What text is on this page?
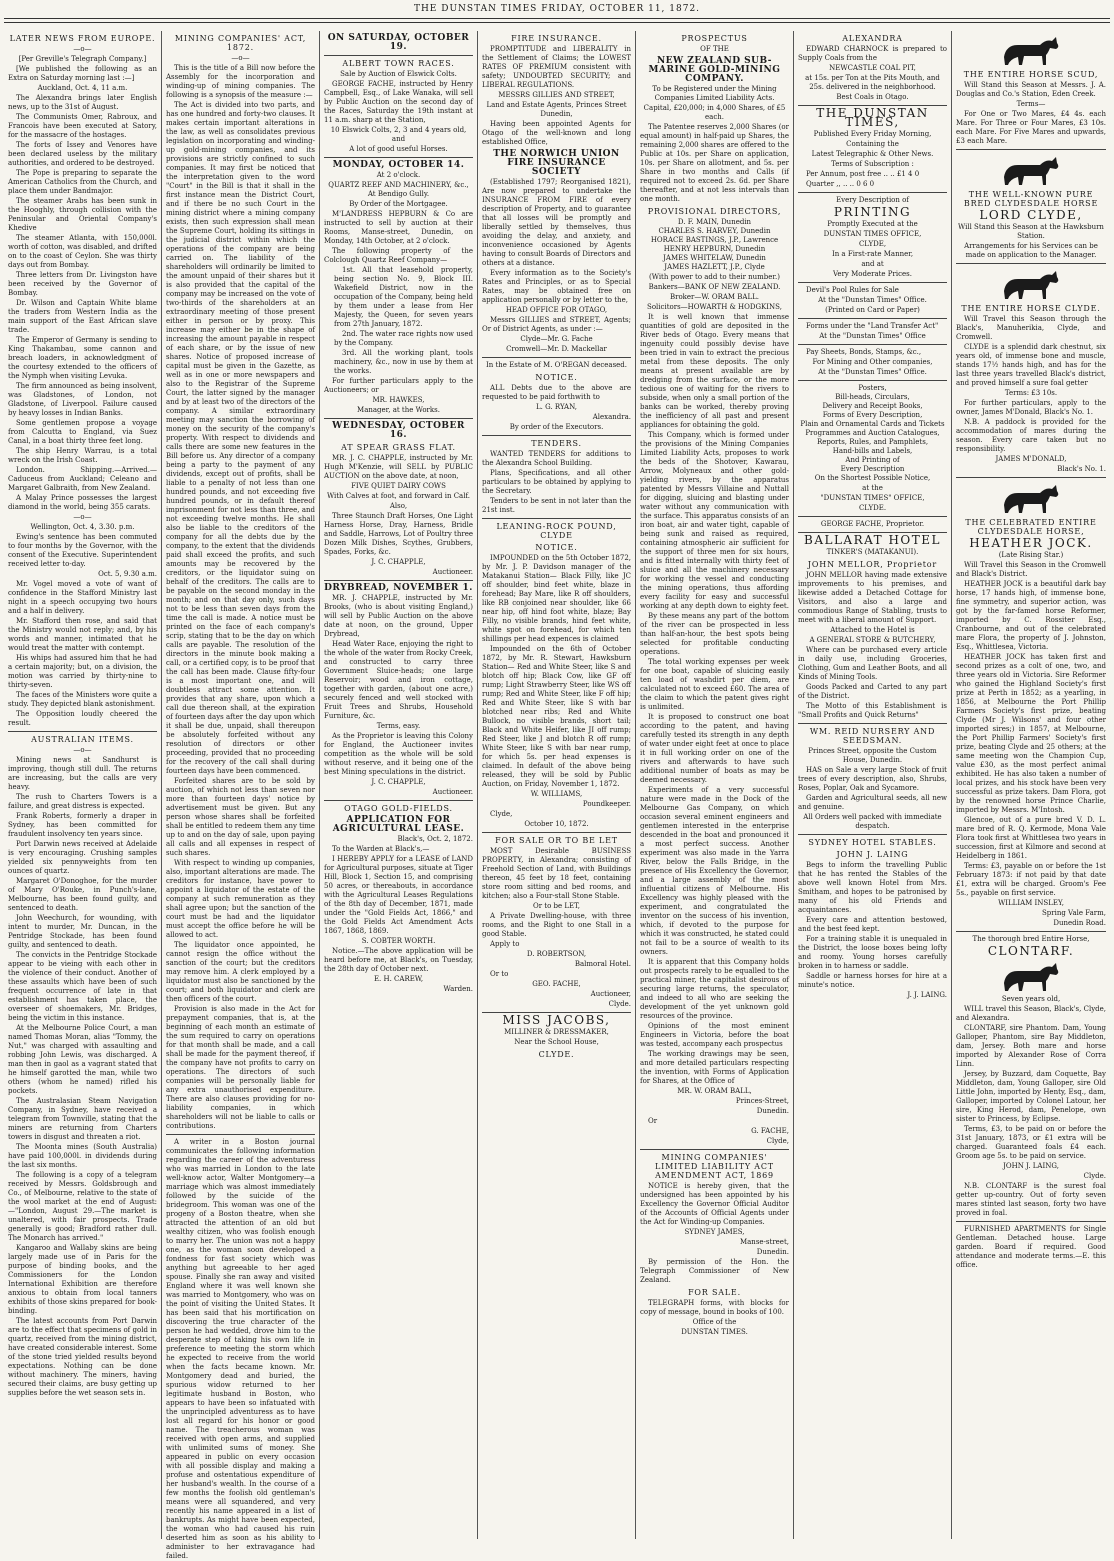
THE DUNSTAN TIMES FRIDAY, OCTOBER 11, 1872.
LATER NEWS FROM EUROPE.
—o—

[Per Greville's Telegraph Company.]

[We published the following as an Extra on Saturday morning last :—]

Auckland, Oct. 4, 11 a.m.

The Alexandra brings later English news, up to the 31st of August.

The Communists Omer, Rabroux, and Francois have been executed at Satory, for the massacre of the hostages.

The forts of Issey and Venores have been declared useless by the military authorities, and ordered to be destroyed.

The Pope is preparing to separate the American Catholics from the Church, and place them under Bandmajor.

The steamer Arabs has been sunk in the Hooghly, through collision with the Peninsular and Oriental Company's Khedive

The steamer Atlanta, with 150,000l. worth of cotton, was disabled, and drifted on to the coast of Ceylon. She was thirty days out from Bombay.

Three letters from Dr. Livingston have been received by the Governor of Bombay.

Dr. Wilson and Captain White blame the traders from Western India as the main support of the East African slave trade.

The Emperor of Germany is sending to King Thakambau, some cannon and breach loaders, in acknowledgment of the courtesy extended to the officers of the Nymph when visiting Levuka.

The firm announced as being insolvent, was Gladstones, of London, not Gladstone, of Liverpool. Failure caused by heavy losses in Indian Banks.

Some gentlemen propose a voyage from Calcutta to England, via Suez Canal, in a boat thirty three feet long.

The ship Henry Warrau, is a total wreck on the Irish Coast.

London. Shipping.—Arrived.—Caduceus from Auckland; Celeano and Margaret Galbraith, from New Zealand.

A Malay Prince possesses the largest diamond in the world, being 355 carats.

—o—

Wellington, Oct. 4, 3.30. p.m.

Ewing's sentence has been commuted to four months by the Governor, with the consent of the Executive. Superintendent received letter to-day.

Oct. 5, 9.30 a.m.

Mr. Vogel moved a vote of want of confidence in the Stafford Ministry last night in a speech occupying two hours and a half in delivery.

Mr. Stafford then rose, and said that the Ministry would not reply; and, by his words and manner, intimated that he would treat the matter with contempt.

His whips had assured him that he had a certain majority; but, on a division, the motion was carried by thirty-nine to thirty-seven.

The faces of the Ministers wore quite a study. They depicted blank astonishment.

The Opposition loudly cheered the result.

AUSTRALIAN ITEMS.
—o—

Mining news at Sandhurst is improving, though still dull. The returns are increasing, but the calls are very heavy.

The rush to Charters Towers is a failure, and great distress is expected.

Frank Roberts, formerly a draper in Sydney, has been committed for fraudulent insolvency ten years since.

Port Darwin news received at Adelaide is very encouraging. Crushing samples yielded six pennyweights from ten ounces of quartz.

Margaret O'Donoghoe, for the murder of Mary O'Rouke, in Punch's-lane, Melbourne, has been found guilty, and sentenced to death.

John Weechurch, for wounding, with intent to murder, Mr. Duncan, in the Pentridge Stockade, has been found guilty, and sentenced to death.

The convicts in the Pentridge Stockade appear to be vieing with each other in the violence of their conduct. Another of these assaults which have been of such frequent occurrence of late in that establishment has taken place, the overseer of shoemakers, Mr. Bridges, being the victim in this instance.

At the Melbourne Police Court, a man named Thomas Moran, alias "Tommy, the Nut," was charged with assaulting and robbing John Lewis, was discharged. A man then in gaol as a vagrant stated that he himself garotted the man, while two others (whom he named) rifled his pockets.

The Australasian Steam Navigation Company, in Sydney, have received a telegram from Townville, stating that the miners are returning from Charters towers in disgust and threaten a riot.

The Moonta mines (South Australia) have paid 100,000l. in dividends during the last six months.

The following is a copy of a telegram received by Messrs. Goldsbrough and Co., of Melbourne, relative to the state of the wool market at the end of August:—"London, August 29.—The market is unaltered, with fair prospects. Trade generally is good; Bradford rather dull. The Monarch has arrived."

Kangaroo and Wallaby skins are being largely made use of in Paris for the purpose of binding books, and the Commissioners for the London International Exhibition are therefore anxious to obtain from local tanners exhibits of those skins prepared for book-binding.

The latest accounts from Port Darwin are to the effect that specimens of gold in quartz, received from the mining district, have created considerable interest. Some of the stone tried yielded results beyond expectations. Nothing can be done without machinery. The miners, having secured their claims, are busy getting up supplies before the wet season sets in.

MINING COMPANIES' ACT, 1872.
—o—

This is the title of a Bill now before the Assembly for the incorporation and winding-up of mining companies. The following is a synopsis of the measure :—

The Act is divided into two parts, and has one hundred and forty-two clauses. It makes certain important alterations in the law, as well as consolidates previous legislation on incorporating and winding-up gold-mining companies, and its provisions are strictly confined to such companies. It may first be noticed that the interpretation given to the word "Court" in the Bill is that it shall in the first instance mean the District Court, and if there be no such Court in the mining district where a mining company exists, then such expression shall mean the Supreme Court, holding its sittings in the judicial district within which the operations of the company are being carried on. The liability of the shareholders will ordinarily be limited to the amount unpaid of their shares but it is also provided that the capital of the company may be increased on the vote of two-thirds of the shareholders at an extraordinary meeting of those present either in person or by proxy. This increase may either be in the shape of increasing the amount payable in respect of each share, or by the issue of new shares. Notice of proposed increase of capital must be given in the Gazette, as well as in one or more newspapers and also to the Registrar of the Supreme Court, the latter signed by the manager and by at least two of the directors of the company. A similar extraordinary meeting may sanction the borrowing of money on the security of the company's property. With respect to dividends and calls there are some new features in the Bill before us. Any director of a company being a party to the payment of any dividends, except out of profits, shall be liable to a penalty of not less than one hundred pounds, and not exceeding five hundred pounds, or in default thereof imprisonment for not less than three, and not exceeding twelve months. He shall also be liable to the creditors of the company for all the debts due by the company, to the extent that the dividends paid shall exceed the profits, and such amounts may be recovered by the creditors, or the liquidator suing on behalf of the creditors. The calls are to be payable on the second monday in the month; and on that day only, such days not to be less than seven days from the time the call is made. A notice must be printed on the face of each company's scrip, stating that to be the day on which calls are payable. The resolution of the directors in the minute book making a call, or a certified copy, is to be proof that the call has been made. Clause fifty-four is a most important one, and will doubtless attract some attention. It provides that any share, upon which a call due thereon shall, at the expiration of fourteen days after the day upon which it shall be due, unpaid, shall thereupon be absolutely forfeited without any resolution of directors or other proceeding, provided that no proceeding for the recovery of the call shall during fourteen days have been commenced.

Forfeited shares are to be sold by auction, of which not less than seven nor more than fourteen days' notice by advertisement must be given. But any person whose shares shall be forfeited shall be entitled to redeem them any time up to and on the day of sale, upon paying all calls and all expenses in respect of such shares.

With respect to winding up companies, also, important alterations are made. The creditors for instance, have power to appoint a liquidator of the estate of the company at such remuneration as they shall agree upon; but the sanction of the court must be had and the liquidator must accept the office before he will be allowed to act.

The liquidator once appointed, he cannot resign the office without the sanction of the court; but the creditors may remove him. A clerk employed by a liquidator must also be sanctioned by the court; and both liquidator and clerk are then officers of the court.

Provision is also made in the Act for prepayment companies, that is, at the beginning of each month an estimate of the sum required to carry on operations for that month shall be made, and a call shall be made for the payment thereof, if the company have not profits to carry on operations. The directors of such companies will be personally liable for any extra unauthorised expenditure. There are also clauses providing for no-liability companies, in which shareholders will not be liable to calls or contributions.

A writer in a Boston journal communicates the following information regarding the career of the adventuress who was married in London to the late well-know actor, Walter Montgomery—a marriage which was almost immediately followed by the suicide of the bridegroom. This woman was one of the progeny of a Boston theatre, when she attracted the attention of an old but wealthy citizen, who was foolish enough to marry her. The union was not a happy one, as the woman soon developed a fondness for fast society which was anything but agreeable to her aged spouse. Finally she ran away and visited England where it was well known she was married to Montgomery, who was on the point of visiting the United States. It has been said that his mortification on discovering the true character of the person he had wedded, drove him to the desperate step of taking his own life in preference to meeting the storm which he expected to receive from the world when the facts became known. Mr. Montgomery dead and buried, the spurious widow returned to her legitimate husband in Boston, who appears to have been so infatuated with the unprincipled adventuress as to have lost all regard for his honor or good name. The treacherous woman was received with open arms, and supplied with unlimited sums of money. She appeared in public on every occasion with all possible display and making a profuse and ostentatious expenditure of her husband's wealth. In the course of a few months the foolish old gentleman's means were all squandered, and very recently his name appeared in a list of bankrupts. As might have been expected, the woman who had caused his ruin deserted him as soon as his ability to administer to her extravagance had failed.

ON SATURDAY, OCTOBER 19.
ALBERT TOWN RACES.

Sale by Auction of Elswick Colts.

GEORGE FACHE, instructed by Henry Campbell, Esq., of Lake Wanaka, will sell by Public Auction on the second day of the Races, Saturday the 19th instant at 11 a.m. sharp at the Station,

10 Elswick Colts, 2, 3 and 4 years old, and

A lot of good useful Horses.

MONDAY, OCTOBER 14.

At 2 o'clock.

QUARTZ REEF AND MACHINERY, &c., At Bendigo Gully.

By Order of the Mortgagee.

M'LANDRESS HEPBURN & Co are instructed to sell by auction at their Rooms, Manse-street, Dunedin, on Monday, 14th October, at 2 o'clock.

The following property of the Colclough Quartz Reef Company—

1st. All that leasehold property, being section No. 9, Block III. Wakefield District, now in the occupation of the Company, being held by them under a lease from Her Majesty, the Queen, for seven years from 27th January, 1872.

2nd. The water race rights now used by the Company.

3rd. All the working plant, tools machinery, &c., now in use by them at the works.

For further particulars apply to the Auctioneers; or

MR. HAWKES,

Manager, at the Works.

WEDNESDAY, OCTOBER 16.
AT SPEAR GRASS FLAT.

MR. J. C. CHAPPLE, instructed by Mr. Hugh M'Kenzie, will SELL by PUBLIC AUCTION on the above date, at noon,

FIVE QUIET DAIRY COWS

With Calves at foot, and forward in Calf.

Also,

Three Staunch Draft Horses, One Light Harness Horse, Dray, Harness, Bridle and Saddle, Harrows, Lot of Poultry three Dozen Milk Dishes, Scythes, Grubbers, Spades, Forks, &c.

J. C. CHAPPLE,

Auctioneer.

DRYBREAD, NOVEMBER 1.

MR. J. CHAPPLE, instructed by Mr. Brooks, (who is about visiting England,) will sell by Public Auction on the above date at noon, on the ground, Upper Drybread,

Head Water Race, enjoying the right to the whole of the water from Rocky Creek, and constructed to carry three Government Sluice-heads; one large Reservoir; wood and iron cottage, together with garden, (about one acre,) securely fenced and well stocked with Fruit Trees and Shrubs, Household Furniture, &c.

Terms, easy.

As the Proprietor is leaving this Colony for England, the Auctioneer invites competition as the whole will be sold without reserve, and it being one of the best Mining speculations in the district.

J. C. CHAPPLE,

Auctioneer.

OTAGO GOLD-FIELDS.
APPLICATION FOR AGRICULTURAL LEASE.

Black's, Oct. 2, 1872.

To the Warden at Black's,—

I HEREBY APPLY for a LEASE of LAND for Agricultural purposes, situate at Tiger Hill, Block 1, Section 15, and comprising 50 acres, or thereabouts, in accordance with the Agricultural Leases Regulations of the 8th day of December, 1871, made under the "Gold Fields Act, 1866," and the Gold Fields Act Amendment Acts 1867, 1868, 1869.

S. COBTER WORTH.

Notice.—The above application will be heard before me, at Black's, on Tuesday, the 28th day of October next.

E. H. CAREW,

Warden.

FIRE INSURANCE.

PROMPTITUDE and LIBERALITY in the Settlement of Claims; the LOWEST RATES OF PREMIUM consistent with safety; UNDOUBTED SECURITY; and LIBERAL REGULATIONS.

MESSRS GILLIES AND STREET,

Land and Estate Agents, Princes Street Dunedin,

Having been appointed Agents for Otago of the well-known and long established Office,

THE NORWICH UNION FIRE INSURANCE SOCIETY

(Established 1797; Reorganised 1821), Are now prepared to undertake the INSURANCE FROM FIRE of every description of Property, and to guarantee that all losses will be promptly and liberally settled by themselves, thus avoiding the delay, and anxiety, and inconvenience occasioned by Agents having to consult Boards of Directors and others at a distance.

Every information as to the Society's Rates and Principles, or as to Special Rates, may be obtained free on application personally or by letter to the,

HEAD OFFICE FOR OTAGO,

Messrs GILLIES and STREET, Agents; Or of District Agents, as under :—

Clyde—Mr. G. Fache

Cromwell—Mr. D. Mackellar

In the Estate of M. O'REGAN deceased.

NOTICE.

ALL Debts due to the above are requested to be paid forthwith to

L. G. RYAN,

Alexandra.

By order of the Executors.

TENDERS.

WANTED TENDERS for additions to the Alexandra School Building.

Plans, Specifications, and all other particulars to be obtained by applying to the Secretary.

Tenders to be sent in not later than the 21st inst.

LEANING-ROCK POUND, CLYDE
NOTICE.

IMPOUNDED on the 5th October 1872, by Mr. J. P. Davidson manager of the Matakanui Station— Black Filly, like JC off shoulder, bind feet white, blaze in forehead; Bay Mare, like R off shoulders, like RB conjoined near shoulder, like 66 near hip, off hind foot white, blaze; Bay Filly, no visible brands, hind feet white, white spot on forehead, for which ten shillings per head expences is claimed

Impounded on the 6th of October 1872, by Mr. R. Stewart, Hawksburn Station— Red and White Steer, like S and blotch off hip; Black Cow, like GF off rump; Light Strawberry Steer, like WS off rump; Red and White Steer, like F off hip; Red and White Steer, like S with bar blotched near ribs; Red and White Bullock, no visible brands, short tail; Black and White Heifer, like JI off rump; Red Steer, like J and blotch R off rump; White Steer, like S with bar near rump, for which 5s. per head expenses is claimed. In default of the above being released, they will be sold by Public Auction, on Friday, November 1, 1872.

W. WILLIAMS,

Poundkeeper.

Clyde,

October 10, 1872.

FOR SALE OR TO BE LET

MOST Desirable BUSINESS PROPERTY, in Alexandra; consisting of Freehold Section of Land, with Buildings thereon, 45 feet by 18 feet, containing store room sitting and bed rooms, and kitchen; also a Four-stall Stone Stable.

Or to be LET,

A Private Dwelling-house, with three rooms, and the Right to one Stall in a good Stable.

Apply to

D. ROBERTSON,

Balmoral Hotel.

Or to

GEO. FACHE,

Auctioneer,

Clyde.

MISS JACOBS,

MILLINER & DRESSMAKER,

Near the School House,

CLYDE.
PROSPECTUS

OF THE

NEW ZEALAND SUB-MARINE GOLD-MINING COMPANY.

To be Registered under the Mining Companies Limited Liability Acts.

Capital, £20,000; in 4,000 Shares, of £5 each.

The Patentee reserves 2,000 Shares (or equal amount) in half-paid up Shares, the remaining 2,000 shares are offered to the Public at 10s. per Share on application, 10s. per Share on allotment, and 5s. per Share in two months and Calls (if required not to exceed 2s. 6d. per Share thereafter, and at not less intervals than one month.

PROVISIONAL DIRECTORS,

D. F. MAIN, Dunedin
CHARLES S. HARVEY, Dunedin
HORACE BASTINGS, J.P., Lawrence
HENRY HEPBURN, Dunedin
JAMES WHITELAW, Dunedin
JAMES HAZLETT, J.P., Clyde

(With power to add to their number.)

Bankers—BANK OF NEW ZEALAND.

Broker—W. ORAM BALL.

Solicitors—HOWARTH & HODGKINS,

It is well known that immense quantities of gold are deposited in the River beds of Otago. Every means that ingenuity could possibly devise have been tried in vain to extract the precious metal from these deposits. The only means at present available are by dredging from the surface, or the more tedious one of waiting for the rivers to subside, when only a small portion of the banks can be worked, thereby proving the inefficiency of all past and present appliances for obtaining the gold.

This Company, which is formed under the provisions of the Mining Companies Limited Liability Acts, proposes to work the beds of the Shotover, Kawarau, Arrow, Molyneaux and other gold-yielding rivers, by the apparatus patented by Messrs Villaine and Nuttall for digging, sluicing and blasting under water without any communication with the surface. This apparatus consists of an iron boat, air and water tight, capable of being sunk and raised as required, containing atmospheric air sufficient for the support of three men for six hours, and is fitted internally with thirty feet of sluice and all the machinery necessary for working the vessel and conducting the mining operations, thus affording every facility for easy and successful working at any depth down to eighty feet.

By these means any part of the bottom of the river can be prospected in less than half-an-hour, the best spots being selected for profitable conducting operations.

The total working expenses per week for one boat, capable of sluicing easily ten load of washdirt per diem, are calculated not to exceed £60. The area of the claim to which the patent gives right is unlimited.

It is proposed to construct one boat according to the patent, and having carefully tested its strength in any depth of water under eight feet at once to place it in full working order on one of the rivers and afterwards to have such additional number of boats as may be deemed necessary.

Experiments of a very successful nature were made in the Dock of the Melbourne Gas Company, on which occasion several eminent engineers and gentlemen interested in the enterprise descended in the boat and pronounced it a most perfect success. Another experiment was also made in the Yarra River, below the Falls Bridge, in the presence of His Excellency the Governor, and a large assembly of the most influential citizens of Melbourne. His Excellency was highly pleased with the experiment, and congratulated the inventor on the success of his invention, which, if devoted to the purpose for which it was constructed, he stated could not fail to be a source of wealth to its owners.

It is apparent that this Company holds out prospects rarely to be equalled to the practical miner, the capitalist desirous of securing large returns, the speculator, and indeed to all who are seeking the development of the yet unknown gold resources of the province.

Opinions of the most eminent Engineers in Victoria, before the boat was tested, accompany each prospectus

The working drawings may be seen, and more detailed particulars respecting the invention, with Forms of Application for Shares, at the Office of

MR. W. ORAM BALL,

Princes-Street,

Dunedin.

Or

G. FACHE,

Clyde,

MINING COMPANIES' LIMITED LIABILITY ACT AMENDMENT ACT, 1869

NOTICE is hereby given, that the undersigned has been appointed by his Excellency the Governor Official Auditor of the Accounts of Official Agents under the Act for Winding-up Companies.

SYDNEY JAMES,

Manse-street,

Dunedin.

By permission of the Hon. the Telegraph Commissioner of New Zealand.

FOR SALE.

TELEGRAPH forms, with blocks for copy of message, bound in books of 100.

Office of the

DUNSTAN TIMES.

ALEXANDRA

EDWARD CHARNOCK is prepared to Supply Coals from the

NEWCASTLE COAL PIT,

at 15s. per Ton at the Pits Mouth, and 25s. delivered in the neighborhood.

Best Coals in Otago.

THE DUNSTAN TIMES,

Published Every Friday Morning,

Containing the

Latest Telegraphic & Other News.

Terms of Subscription :

Per Annum, post free .. .. £1 4 0

Quarter ,, .. .. 0 6 0

Every Description of

PRINTING

Promptly Executed at the

DUNSTAN TIMES OFFICE,

CLYDE,

In a First-rate Manner,

and at

Very Moderate Prices.

Devil's Pool Rules for Sale

At the "Dunstan Times" Office.

(Printed on Card or Paper)

Forms under the "Land Transfer Act"

At the "Dunstan Times" Office

Pay Sheets, Bonds, Stamps, &c.,

For Mining and Other companies,

At the "Dunstan Times" Office.

Posters,
Bill-heads, Circulars,
Delivery and Receipt Books,
Forms of Every Description,
Plain and Ornamental Cards and Tickets
Programmes and Auction Catalogues,
Reports, Rules, and Pamphlets,
Hand-bills and Labels,
And Printing of
Every Description
On the Shortest Possible Notice,

at the

"DUNSTAN TIMES" OFFICE,

CLYDE.

GEORGE FACHE, Proprietor.

BALLARAT HOTEL

TINKER'S (MATAKANUI).

JOHN MELLOR, Proprietor

JOHN MELLOR having made extensive improvements to his premises, and likewise added a Detached Cottage for Visitors, and also a large and commodious Range of Stabling, trusts to meet with a liberal amount of Support.

Attached to the Hotel is

A GENERAL STORE & BUTCHERY,

Where can be purchased every article in daily use, including Groceries, Clothing, Gum and Leather Boots, and all Kinds of Mining Tools.

Goods Packed and Carted to any part of the District.

The Motto of this Establishment is "Small Profits and Quick Returns"

WM. REID NURSERY AND SEEDSMAN.

Princes Street, opposite the Custom House, Dunedin.

HAS on Sale a very large Stock of fruit trees of every description, also, Shrubs, Roses, Poplar, Oak and Sycamore.

Garden and Agricultural seeds, all new and genuine.

All Orders well packed with immediate despatch.

SYDNEY HOTEL STABLES.
JOHN J. LAING

Begs to inform the travelling Public that he has rented the Stables of the above well known Hotel from Mrs. Smitham, and hopes to be patronised by many of his old Friends and acquaintances.

Every care and attention bestowed, and the best feed kept.

For a training stable it is unequaled in the District, the loose boxes being lofty and roomy. Young horses carefully broken in to harness or saddle.

Saddle or harness horses for hire at a minute's notice.

J. J. LAING.

THE ENTIRE HORSE SCUD,

Will Stand this Season at Messrs. J. A. Douglas and Co.'s Station, Eden Creek.

Terms—

For One or Two Mares, £4 4s. each Mare. For Three or Four Mares, £3 10s. each Mare. For Five Mares and upwards, £3 each Mare.

THE WELL-KNOWN PURE BRED CLYDESDALE HORSE
LORD CLYDE,

Will Stand this Season at the Hawksburn Station.

Arrangements for his Services can be made on application to the Manager.

THE ENTIRE HORSE CLYDE.

Will Travel this Season through the Black's, Manuherikia, Clyde, and Cromwell.

CLYDE is a splendid dark chestnut, six years old, of immense bone and muscle, stands 17½ hands high, and has for the last three years travelled Black's district, and proved himself a sure foal getter

Terms: £3 10s.

For further particulars, apply to the owner, James M'Donald, Black's No. 1.

N.B. A paddock is provided for the accommodation of mares during the season. Every care taken but no responsibility.

JAMES M'DONALD,

Black's No. 1.

THE CELEBRATED ENTIRE CLYDESDALE HORSE,
HEATHER JOCK.

(Late Rising Star.)

Will Travel this Season in the Cromwell and Black's District.

HEATHER JOCK is a beautiful dark bay horse, 17 hands high, of immense bone, fine symmetry, and superior action, was got by the far-famed horse Reformer, imported by C. Rossiter Esq., Cranbourne, and out of the celebrated mare Flora, the property of J. Johnston, Esq., Whittlesea, Victoria.

HEATHER JOCK has taken first and second prizes as a colt of one, two, and three years old in Victoria. Sire Reformer who gained the Highland Society's first prize at Perth in 1852; as a yearling, in 1856, at Melbourne the Port Phillip Farmers Society's first prize, beating Clyde (Mr J. Wilsons' and four other imported sires;) in 1857, at Melbourne, the Port Phillip Farmers' Society's first prize, beating Clyde and 25 others; at the same meeting won the Champion Cup, value £30, as the most perfect animal exhibited. He has also taken a number of local prizes, and his stock have been very successful as prize takers. Dam Flora, got by the renowned horse Prince Charlie, imported by Messrs. M'Intosh.

Glencoe, out of a pure bred V. D. L. mare bred of R. Q. Kermode, Mona Vale Flora took first at Whittlesea two years in succession, first at Kilmore and second at Heidelberg in 1861.

Terms: £3, payable on or before the 1st February 1873: if not paid by that date £1, extra will be charged. Groom's Fee 5s., payable on first service.

WILLIAM INSLEY,

Spring Vale Farm,

Dunedin Road.

The thorough bred Entire Horse,

CLONTARF.

Seven years old,

WILL travel this Season, Black's, Clyde, and Alexandra.

CLONTARF, sire Phantom. Dam, Young Galloper, Phantom, sire Bay Middleton, dam, Jersey. Both mare and horse imported by Alexander Rose of Corra Linn.

Jersey, by Buzzard, dam Coquette, Bay Middleton, dam, Young Galloper, sire Old Little John, imported by Henty, Esq., dam, Galloper, imported by Colonel Latour, her sire, King Herod, dam, Penelope, own sister to Princess, by Eclipse.

Terms, £3, to be paid on or before the 31st January, 1873, or £1 extra will be charged. Guaranteed foals £4 each. Groom age 5s. to be paid on service.

JOHN J. LAING,

Clyde.

N.B. CLONTARF is the surest foal getter up-country. Out of forty seven mares stinted last season, forty two have proved in foal.

FURNISHED APARTMENTS for Single Gentleman. Detached house. Large garden. Board if required. Good attendance and moderate terms.—E. this office.
